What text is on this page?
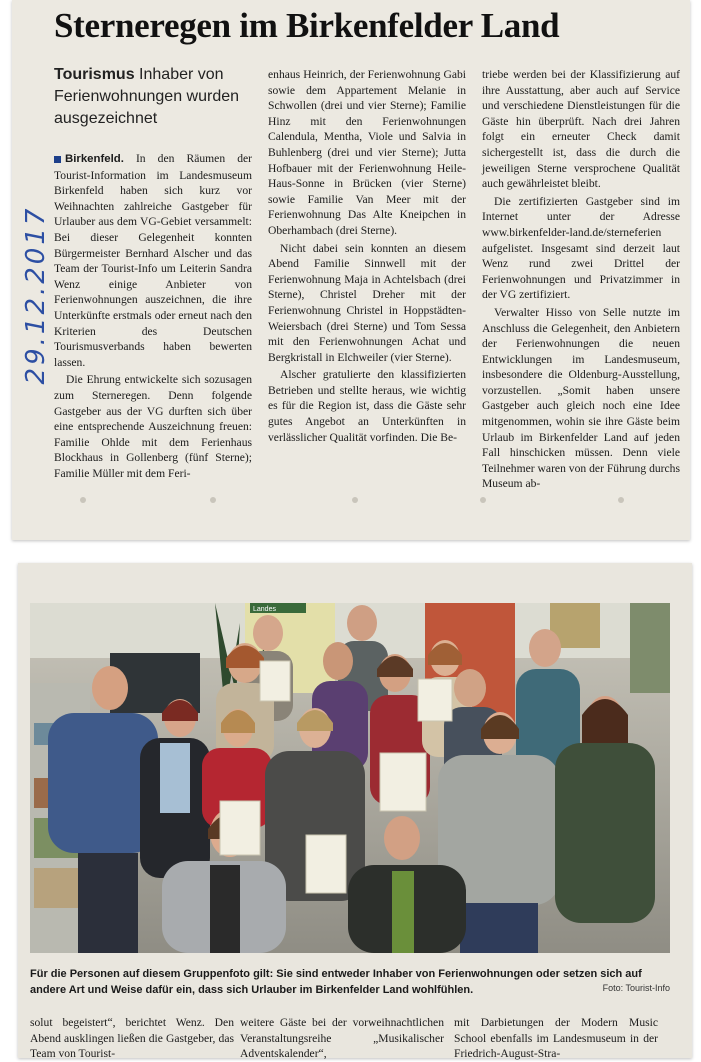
Sterneregen im Birkenfelder Land
Tourismus Inhaber von Ferienwohnungen wurden ausgezeichnet
29.12.2017

Birkenfeld. In den Räumen der Tourist-Information im Landesmuseum Birkenfeld haben sich kurz vor Weihnachten zahlreiche Gastgeber für Urlauber aus dem VG-Gebiet versammelt: Bei dieser Gelegenheit konnten Bürgermeister Bernhard Alscher und das Team der Tourist-Info um Leiterin Sandra Wenz einige Anbieter von Ferienwohnungen auszeichnen, die ihre Unterkünfte erstmals oder erneut nach den Kriterien des Deutschen Tourismusverbands haben bewerten lassen.

Die Ehrung entwickelte sich sozusagen zum Sterneregen. Denn folgende Gastgeber aus der VG durften sich über eine entsprechende Auszeichnung freuen: Familie Ohlde mit dem Ferienhaus Blockhaus in Gollenberg (fünf Sterne); Familie Müller mit dem Feri-

enhaus Heinrich, der Ferienwohnung Gabi sowie dem Appartement Melanie in Schwollen (drei und vier Sterne); Familie Hinz mit den Ferienwohnungen Calendula, Mentha, Viole und Salvia in Buhlenberg (drei und vier Sterne); Jutta Hofbauer mit der Ferienwohnung Heile-Haus-Sonne in Brücken (vier Sterne) sowie Familie Van Meer mit der Ferienwohnung Das Alte Kneipchen in Oberhambach (drei Sterne).

Nicht dabei sein konnten an diesem Abend Familie Sinnwell mit der Ferienwohnung Maja in Achtelsbach (drei Sterne), Christel Dreher mit der Ferienwohnung Christel in Hoppstädten-Weiersbach (drei Sterne) und Tom Sessa mit den Ferienwohnungen Achat und Bergkristall in Elchweiler (vier Sterne).

Alscher gratulierte den klassifizierten Betrieben und stellte heraus, wie wichtig es für die Region ist, dass die Gäste sehr gutes Angebot an Unterkünften in verlässlicher Qualität vorfinden. Die Be-

triebe werden bei der Klassifizierung auf ihre Ausstattung, aber auch auf Service und verschiedene Dienstleistungen für die Gäste hin überprüft. Nach drei Jahren folgt ein erneuter Check damit sichergestellt ist, dass die durch die jeweiligen Sterne versprochene Qualität auch gewährleistet bleibt.

Die zertifizierten Gastgeber sind im Internet unter der Adresse www.birkenfelder-land.de/sterneferien aufgelistet. Insgesamt sind derzeit laut Wenz rund zwei Drittel der Ferienwohnungen und Privatzimmer in der VG zertifiziert.

Verwalter Hisso von Selle nutzte im Anschluss die Gelegenheit, den Anbietern der Ferienwohnungen die neuen Entwicklungen im Landesmuseum, insbesondere die Oldenburg-Ausstellung, vorzustellen. „Somit haben unsere Gastgeber auch gleich noch eine Idee mitgenommen, wohin sie ihre Gäste beim Urlaub im Birkenfelder Land auf jeden Fall hinschicken müssen. Denn viele Teilnehmer waren von der Führung durchs Museum ab-

Landes
Für die Personen auf diesem Gruppenfoto gilt: Sie sind entweder Inhaber von Ferienwohnungen oder setzen sich auf andere Art und Weise dafür ein, dass sich Urlauber im Birkenfelder Land wohlfühlen.	Foto: Tourist-Info

solut begeistert“, berichtet Wenz. Den Abend ausklingen ließen die Gastgeber, das Team von Tourist-

weitere Gäste bei der vorweihnachtlichen Veranstaltungsreihe „Musikalischer Adventskalender“,

mit Darbietungen der Modern Music School ebenfalls im Landesmuseum in der Friedrich-August-Stra-
